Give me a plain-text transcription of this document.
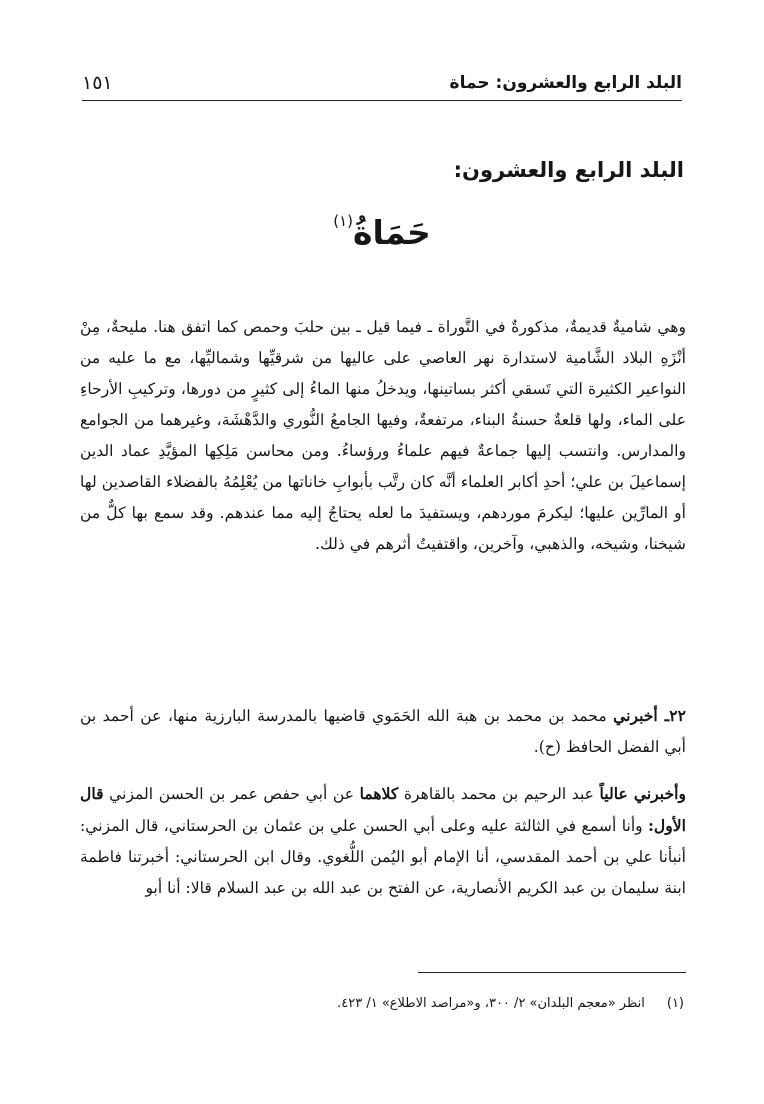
البلد الرابع والعشرون: حماة
١٥١
البلد الرابع والعشرون:
حَمَاةُ$^{(١)}$

وهي شاميةٌ قديمةٌ، مذكورةٌ في التَّوراة ـ فيما قيل ـ بين حلبَ وحمص كما اتفق هنا. مليحةٌ، مِنْ أنْزَهِ البلاد الشَّامية لاستدارة نهر العاصي على عاليها من شرقيِّها وشماليِّها، مع ما عليه من النواعير الكثيرة التي تَسقي أكثر بساتينها، ويدخلُ منها الماءُ إلى كثيرٍ من دورها، وتركيبِ الأرحاءِ على الماء، ولها قلعةٌ حسنةُ البناء، مرتفعةٌ، وفيها الجامعُ النُّوري والدَّهْشَة، وغيرهما من الجوامع والمدارس. وانتسب إليها جماعةٌ فيهم علماءُ ورؤساءُ. ومن محاسن مَلِكِها المؤيَّدِ عماد الدين إسماعيلَ بن علي؛ أحدِ أكابر العلماء أنَّه كان رتَّب بأبوابِ خاناتها من يُعْلِمُهُ بالفضلاء القاصدين لها أو المارِّين عليها؛ ليكرمَ موردهم، ويستفيدَ ما لعله يحتاجُ إليه مما عندهم. وقد سمع بها كلٌّ من شيخنا، وشيخه، والذهبي، وآخرين، واقتفيتُ أثرهم في ذلك.

٢٢ـ أخبرني محمد بن محمد بن هبة الله الحَمَوي قاضيها بالمدرسة البارزية منها، عن أحمد بن أبي الفضل الحافظ (ح).

وأخبرني عالياً عبد الرحيم بن محمد بالقاهرة كلاهما عن أبي حفص عمر بن الحسن المزني قال الأول: وأنا أسمع في الثالثة عليه وعلى أبي الحسن علي بن عثمان بن الحرستاني، قال المزني: أنبأنا علي بن أحمد المقدسي، أنا الإمام أبو اليُمن اللُّغوي. وقال ابن الحرستاني: أخبرتنا فاطمة ابنة سليمان بن عبد الكريم الأنصارية، عن الفتح بن عبد الله بن عبد السلام قالا: أنا أبو

(١)انظر «معجم البلدان» ٢/ ٣٠٠، و«مراصد الاطلاع» ١/ ٤٢٣.
